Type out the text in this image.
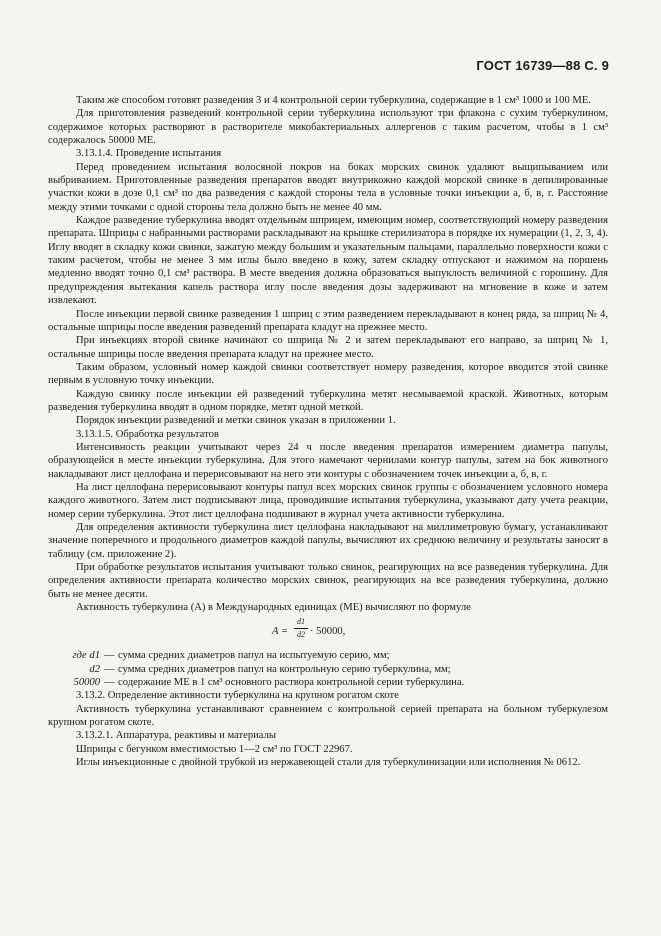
ГОСТ 16739—88 С. 9

Таким же способом готовят разведения 3 и 4 контрольной серии туберкулина, содержащие в 1 см³ 1000 и 100 МЕ.

Для приготовления разведений контрольной серии туберкулина используют три флакона с сухим туберкулином, содержимое которых растворяют в растворителе микобактериальных аллергенов с таким расчетом, чтобы в 1 см³ содержалось 50000 МЕ.

3.13.1.4. Проведение испытания

Перед проведением испытания волосяной покров на боках морских свинок удаляют выщипыванием или выбриванием. Приготовленные разведения препаратов вводят внутрикожно каждой морской свинке в депилированные участки кожи в дозе 0,1 см³ по два разведения с каждой стороны тела в условные точки инъекции а, б, в, г. Расстояние между этими точками с одной стороны тела должно быть не менее 40 мм.

Каждое разведение туберкулина вводят отдельным шприцем, имеющим номер, соответствующий номеру разведения препарата. Шприцы с набранными растворами раскладывают на крышке стерилизатора в порядке их нумерации (1, 2, 3, 4). Иглу вводят в складку кожи свинки, зажатую между большим и указательным пальцами, параллельно поверхности кожи с таким расчетом, чтобы не менее 3 мм иглы было введено в кожу, затем складку отпускают и нажимом на поршень медленно вводят точно 0,1 см³ раствора. В месте введения должна образоваться выпуклость величиной с горошину. Для предупреждения вытекания капель раствора иглу после введения дозы задерживают на мгновение в коже и затем извлекают.

После инъекции первой свинке разведения 1 шприц с этим разведением перекладывают в конец ряда, за шприц № 4, остальные шприцы после введения разведений препарата кладут на прежнее место.

При инъекциях второй свинке начинают со шприца № 2 и затем перекладывают его направо, за шприц № 1, остальные шприцы после введения препарата кладут на прежнее место.

Таким образом, условный номер каждой свинки соответствует номеру разведения, которое вводится этой свинке первым в условную точку инъекции.

Каждую свинку после инъекции ей разведений туберкулина метят несмываемой краской. Животных, которым разведения туберкулина вводят в одном порядке, метят одной меткой.

Порядок инъекции разведений и метки свинок указан в приложении 1.

3.13.1.5. Обработка результатов

Интенсивность реакции учитывают через 24 ч после введения препаратов измерением диаметра папулы, образующейся в месте инъекции туберкулина. Для этого намечают чернилами контур папулы, затем на бок животного накладывают лист целлофана и перерисовывают на него эти контуры с обозначением точек инъекции а, б, в, г.

На лист целлофана перерисовывают контуры папул всех морских свинок группы с обозначением условного номера каждого животного. Затем лист подписывают лица, проводившие испытания туберкулина, указывают дату учета реакции, номер серии туберкулина. Этот лист целлофана подшивают в журнал учета активности туберкулина.

Для определения активности туберкулина лист целлофана накладывают на миллиметровую бумагу, устанавливают значение поперечного и продольного диаметров каждой папулы, вычисляют их среднюю величину и результаты заносят в таблицу (см. приложение 2).

При обработке результатов испытания учитывают только свинок, реагирующих на все разведения туберкулина. Для определения активности препарата количество морских свинок, реагирующих на все разведения туберкулина, должно быть не менее десяти.

Активность туберкулина (А) в Международных единицах (МЕ) вычисляют по формуле

A =
d1
d2 · 50000,
где d1 — сумма средних диаметров папул на испытуемую серию, мм;
d2 — сумма средних диаметров папул на контрольную серию туберкулина, мм;
50000 — содержание МЕ в 1 см³ основного раствора контрольной серии туберкулина.

3.13.2. Определение активности туберкулина на крупном рогатом скоте

Активность туберкулина устанавливают сравнением с контрольной серией препарата на больном туберкулезом крупном рогатом скоте.

3.13.2.1. Аппаратура, реактивы и материалы

Шприцы с бегунком вместимостью 1—2 см³ по ГОСТ 22967.

Иглы инъекционные с двойной трубкой из нержавеющей стали для туберкулинизации или исполнения № 0612.
